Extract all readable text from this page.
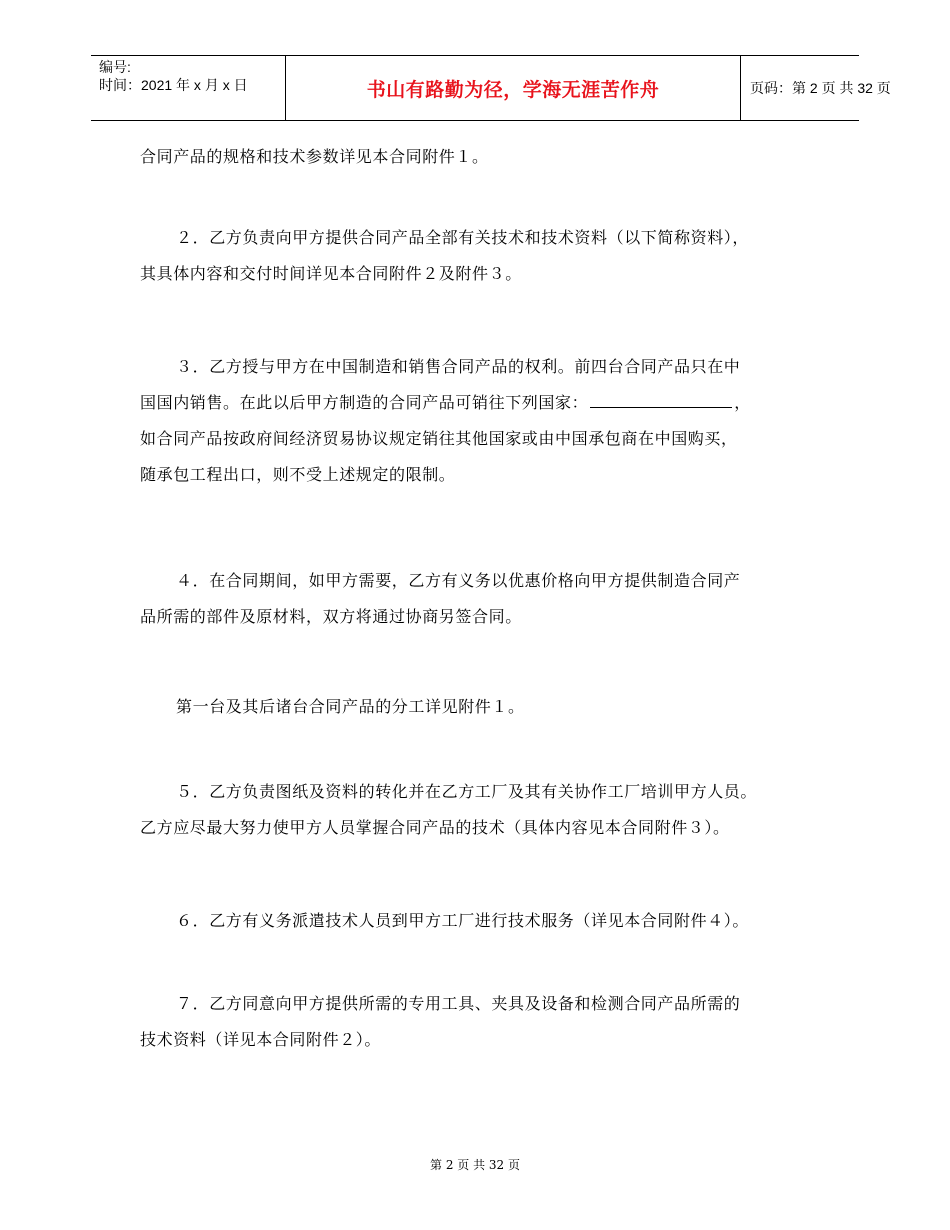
编号:
时间：2021 年 x 月 x 日	书山有路勤为径，学海无涯苦作舟	页码：第 2 页 共 32 页
合同产品的规格和技术参数详见本合同附件１。
２．乙方负责向甲方提供合同产品全部有关技术和技术资料（以下简称资料），
其具体内容和交付时间详见本合同附件２及附件３。
３．乙方授与甲方在中国制造和销售合同产品的权利。前四台合同产品只在中
国国内销售。在此以后甲方制造的合同产品可销往下列国家：	，
如合同产品按政府间经济贸易协议规定销往其他国家或由中国承包商在中国购买，
随承包工程出口，则不受上述规定的限制。
４．在合同期间，如甲方需要，乙方有义务以优惠价格向甲方提供制造合同产
品所需的部件及原材料，双方将通过协商另签合同。
第一台及其后诸台合同产品的分工详见附件１。
５．乙方负责图纸及资料的转化并在乙方工厂及其有关协作工厂培训甲方人员。
乙方应尽最大努力使甲方人员掌握合同产品的技术（具体内容见本合同附件３）。
６．乙方有义务派遣技术人员到甲方工厂进行技术服务（详见本合同附件４）。
７．乙方同意向甲方提供所需的专用工具、夹具及设备和检测合同产品所需的
技术资料（详见本合同附件２）。
第 2 页 共 32 页
